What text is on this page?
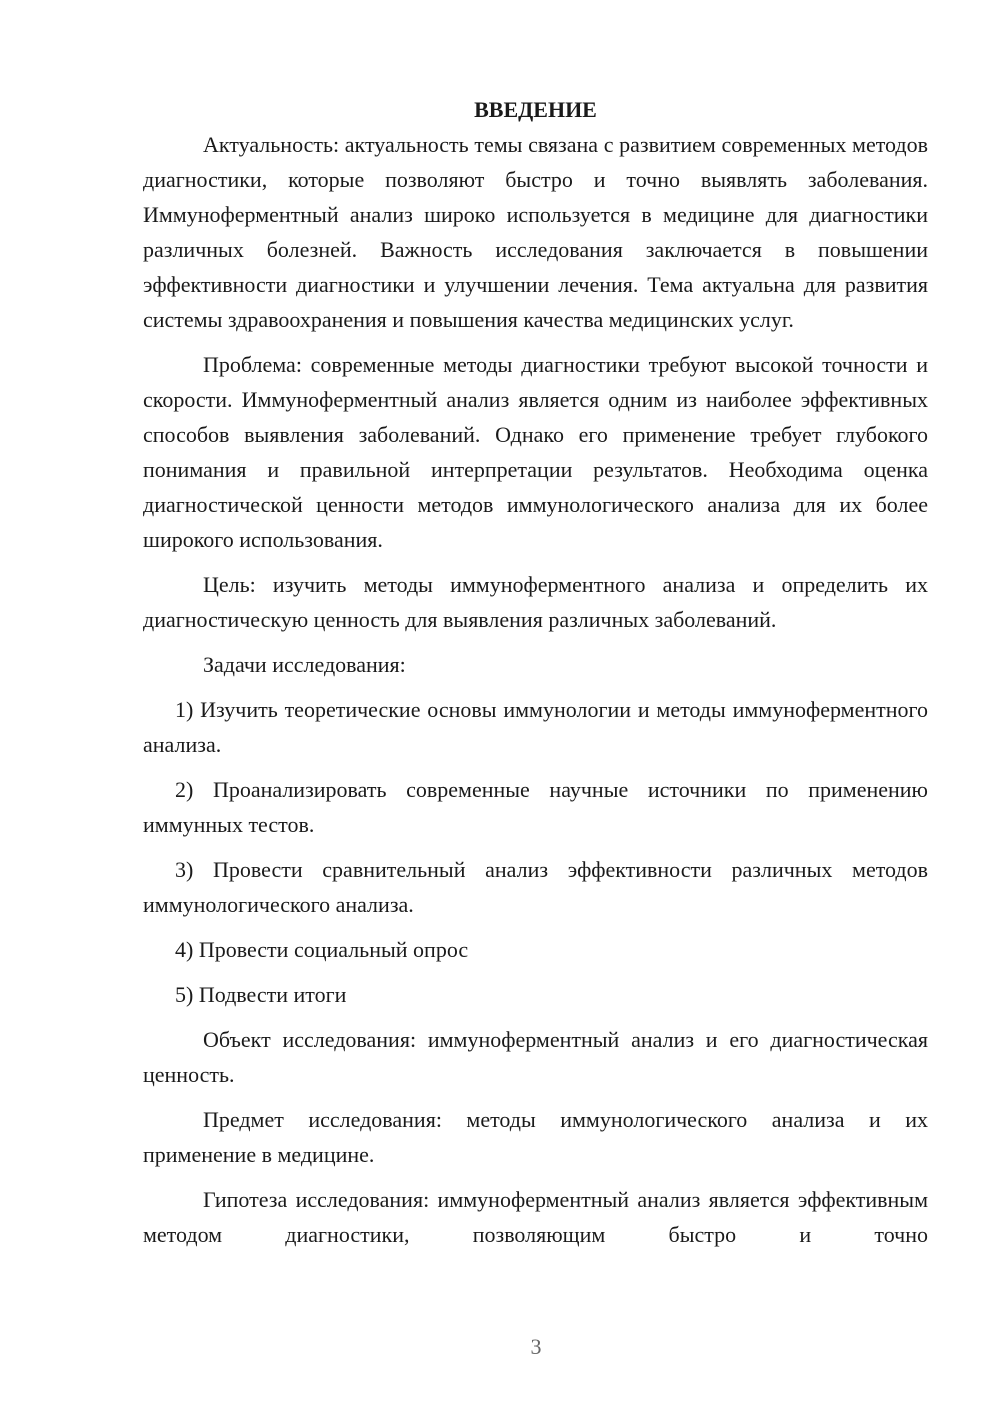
ВВЕДЕНИЕ

Актуальность: актуальность темы связана с развитием современных методов диагностики, которые позволяют быстро и точно выявлять заболевания. Иммуноферментный анализ широко используется в медицине для диагностики различных болезней. Важность исследования заключается в повышении эффективности диагностики и улучшении лечения. Тема актуальна для развития системы здравоохранения и повышения качества медицинских услуг.

Проблема: современные методы диагностики требуют высокой точности и скорости. Иммуноферментный анализ является одним из наиболее эффективных способов выявления заболеваний. Однако его применение требует глубокого понимания и правильной интерпретации результатов. Необходима оценка диагностической ценности методов иммунологического анализа для их более широкого использования.

Цель: изучить методы иммуноферментного анализа и определить их диагностическую ценность для выявления различных заболеваний.

Задачи исследования:

1) Изучить теоретические основы иммунологии и методы иммуноферментного анализа.

2) Проанализировать современные научные источники по применению иммунных тестов.

3) Провести сравнительный анализ эффективности различных методов иммунологического анализа.

4) Провести социальный опрос

5) Подвести итоги

Объект исследования: иммуноферментный анализ и его диагностическая ценность.

Предмет исследования: методы иммунологического анализа и их применение в медицине.

Гипотеза исследования: иммуноферментный анализ является эффективным методом диагностики, позволяющим быстро и точно

3
